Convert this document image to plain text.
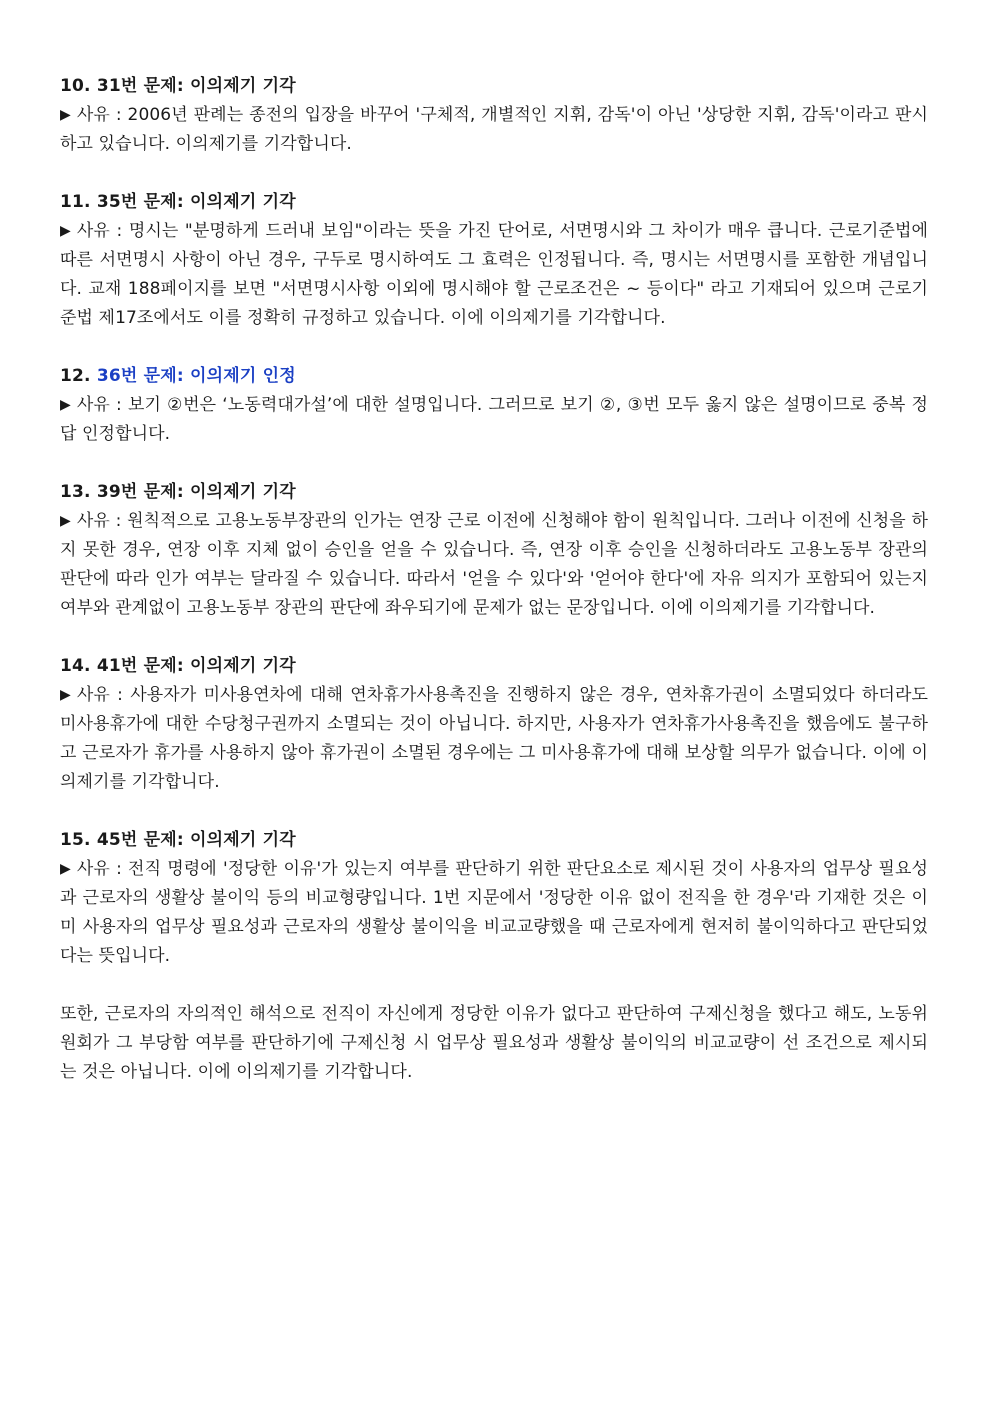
10. 31번 문제: 이의제기 기각

▶ 사유 : 2006년 판례는 종전의 입장을 바꾸어 '구체적, 개별적인 지휘, 감독'이 아닌 '상당한 지휘, 감독'이라고 판시하고 있습니다. 이의제기를 기각합니다.

11. 35번 문제: 이의제기 기각

▶ 사유 : 명시는 "분명하게 드러내 보임"이라는 뜻을 가진 단어로, 서면명시와 그 차이가 매우 큽니다. 근로기준법에 따른 서면명시 사항이 아닌 경우, 구두로 명시하여도 그 효력은 인정됩니다. 즉, 명시는 서면명시를 포함한 개념입니다. 교재 188페이지를 보면 "서면명시사항 이외에 명시해야 할 근로조건은 ~ 등이다" 라고 기재되어 있으며 근로기준법 제17조에서도 이를 정확히 규정하고 있습니다. 이에 이의제기를 기각합니다.

12. 36번 문제: 이의제기 인정

▶ 사유 : 보기 ②번은 ‘노동력대가설’에 대한 설명입니다. 그러므로 보기 ②, ③번 모두 옳지 않은 설명이므로 중복 정답 인정합니다.

13. 39번 문제: 이의제기 기각

▶ 사유 : 원칙적으로 고용노동부장관의 인가는 연장 근로 이전에 신청해야 함이 원칙입니다. 그러나 이전에 신청을 하지 못한 경우, 연장 이후 지체 없이 승인을 얻을 수 있습니다. 즉, 연장 이후 승인을 신청하더라도 고용노동부 장관의 판단에 따라 인가 여부는 달라질 수 있습니다. 따라서 '얻을 수 있다'와 '얻어야 한다'에 자유 의지가 포함되어 있는지 여부와 관계없이 고용노동부 장관의 판단에 좌우되기에 문제가 없는 문장입니다. 이에 이의제기를 기각합니다.

14. 41번 문제: 이의제기 기각

▶ 사유 : 사용자가 미사용연차에 대해 연차휴가사용촉진을 진행하지 않은 경우, 연차휴가권이 소멸되었다 하더라도 미사용휴가에 대한 수당청구권까지 소멸되는 것이 아닙니다. 하지만, 사용자가 연차휴가사용촉진을 했음에도 불구하고 근로자가 휴가를 사용하지 않아 휴가권이 소멸된 경우에는 그 미사용휴가에 대해 보상할 의무가 없습니다. 이에 이의제기를 기각합니다.

15. 45번 문제: 이의제기 기각

▶ 사유 : 전직 명령에 '정당한 이유'가 있는지 여부를 판단하기 위한 판단요소로 제시된 것이 사용자의 업무상 필요성과 근로자의 생활상 불이익 등의 비교형량입니다. 1번 지문에서 '정당한 이유 없이 전직을 한 경우'라 기재한 것은 이미 사용자의 업무상 필요성과 근로자의 생활상 불이익을 비교교량했을 때 근로자에게 현저히 불이익하다고 판단되었다는 뜻입니다.

또한, 근로자의 자의적인 해석으로 전직이 자신에게 정당한 이유가 없다고 판단하여 구제신청을 했다고 해도, 노동위원회가 그 부당함 여부를 판단하기에 구제신청 시 업무상 필요성과 생활상 불이익의 비교교량이 선 조건으로 제시되는 것은 아닙니다. 이에 이의제기를 기각합니다.
